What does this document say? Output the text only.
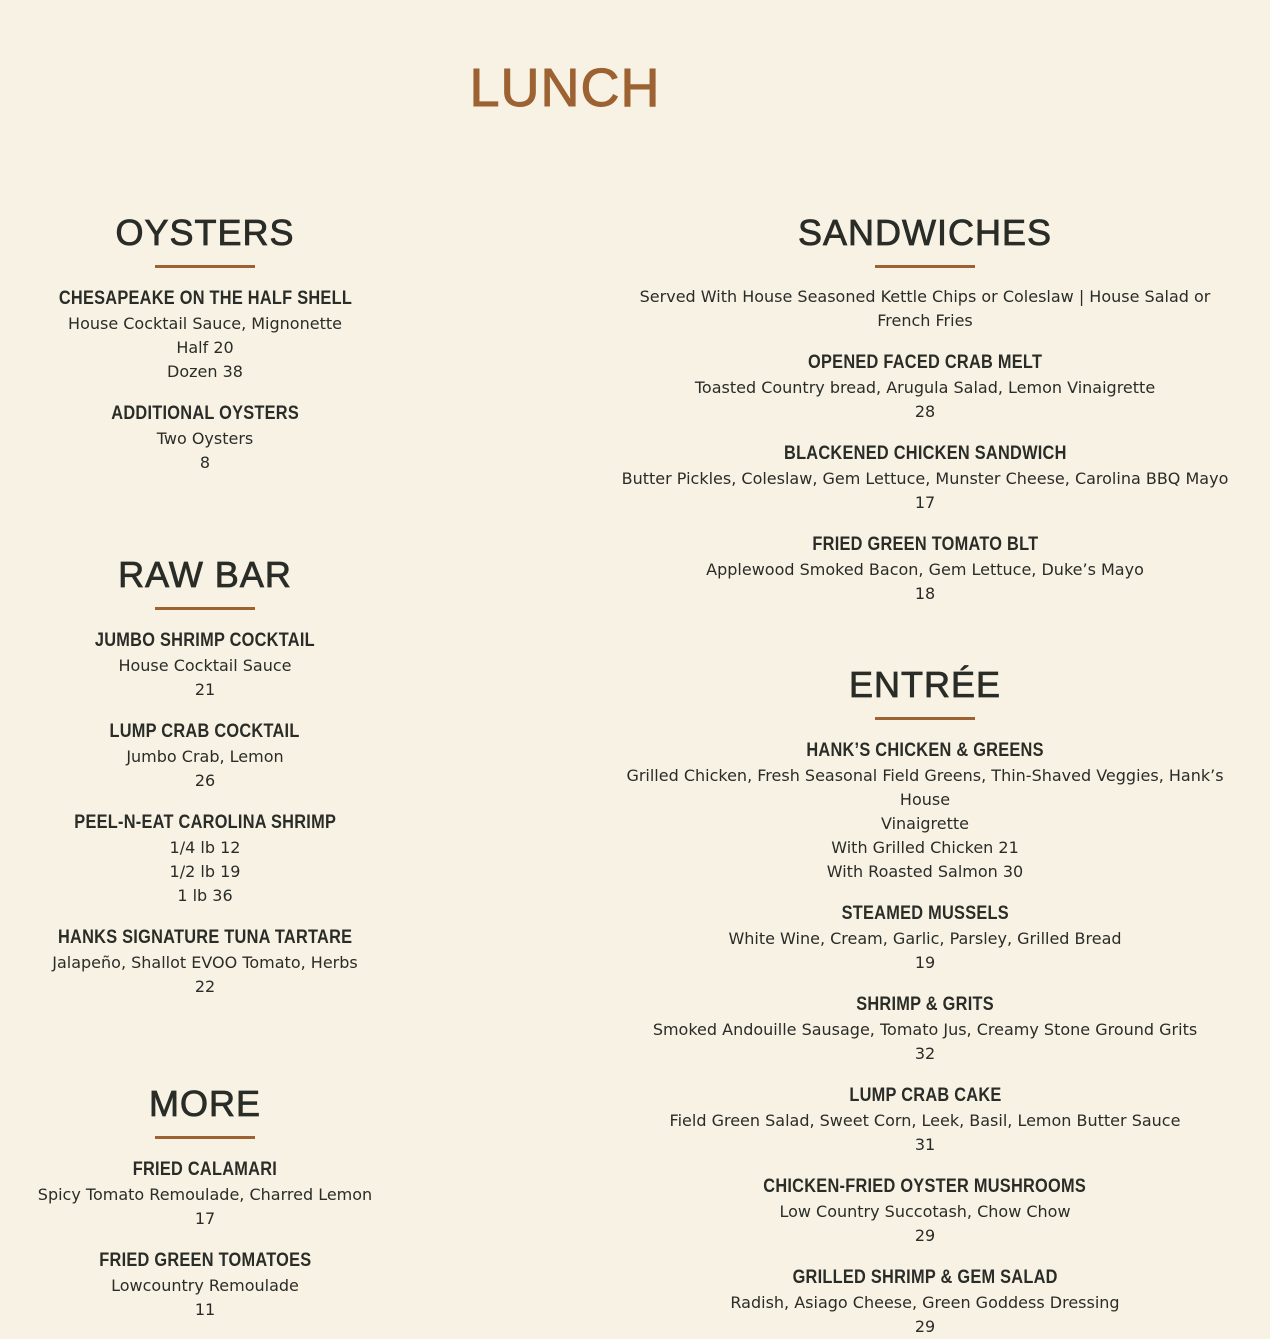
LUNCH
OYSTERS
CHESAPEAKE ON THE HALF SHELL
House Cocktail Sauce, Mignonette
Half 20
Dozen 38
ADDITIONAL OYSTERS
Two Oysters
8
RAW BAR
JUMBO SHRIMP COCKTAIL
House Cocktail Sauce
21
LUMP CRAB COCKTAIL
Jumbo Crab, Lemon
26
PEEL-N-EAT CAROLINA SHRIMP
1/4 lb 12
1/2 lb 19
1 lb 36
HANKS SIGNATURE TUNA TARTARE
Jalapeño, Shallot EVOO Tomato, Herbs
22
MORE
FRIED CALAMARI
Spicy Tomato Remoulade, Charred Lemon
17
FRIED GREEN TOMATOES
Lowcountry Remoulade
11
SANDWICHES
Served With House Seasoned Kettle Chips or Coleslaw | House Salad or French Fries
OPENED FACED CRAB MELT
Toasted Country bread, Arugula Salad, Lemon Vinaigrette
28
BLACKENED CHICKEN SANDWICH
Butter Pickles, Coleslaw, Gem Lettuce, Munster Cheese, Carolina BBQ Mayo
17
FRIED GREEN TOMATO BLT
Applewood Smoked Bacon, Gem Lettuce, Duke’s Mayo
18
ENTRÉE
HANK’S CHICKEN & GREENS
Grilled Chicken, Fresh Seasonal Field Greens, Thin-Shaved Veggies, Hank’s House
Vinaigrette
With Grilled Chicken 21
With Roasted Salmon 30
STEAMED MUSSELS
White Wine, Cream, Garlic, Parsley, Grilled Bread
19
SHRIMP & GRITS
Smoked Andouille Sausage, Tomato Jus, Creamy Stone Ground Grits
32
LUMP CRAB CAKE
Field Green Salad, Sweet Corn, Leek, Basil, Lemon Butter Sauce
31
CHICKEN-FRIED OYSTER MUSHROOMS
Low Country Succotash, Chow Chow
29
GRILLED SHRIMP & GEM SALAD
Radish, Asiago Cheese, Green Goddess Dressing
29
